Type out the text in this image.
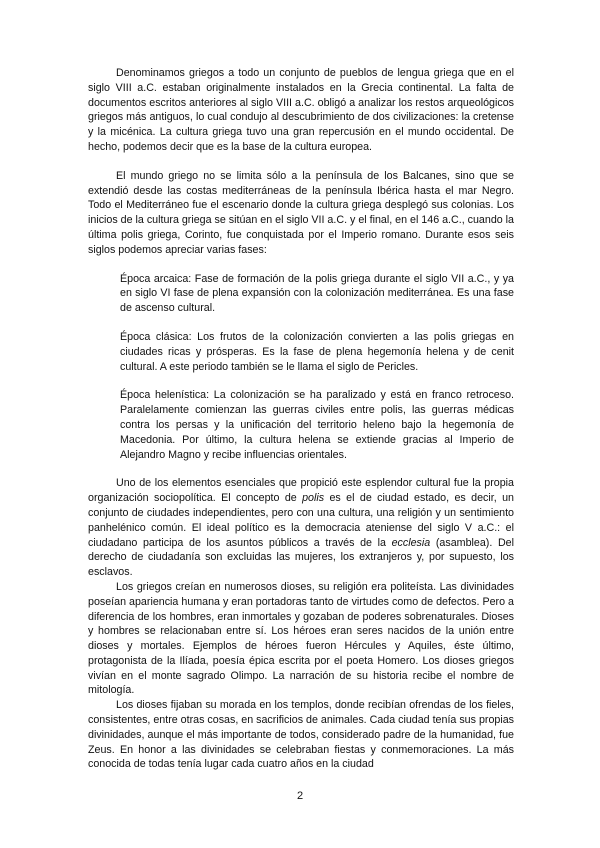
Denominamos griegos a todo un conjunto de pueblos de lengua griega que en el siglo VIII a.C. estaban originalmente instalados en la Grecia continental. La falta de documentos escritos anteriores al siglo VIII a.C. obligó a analizar los restos arqueológicos griegos más antiguos, lo cual condujo al descubrimiento de dos civilizaciones: la cretense y la micénica. La cultura griega tuvo una gran repercusión en el mundo occidental. De hecho, podemos decir que es la base de la cultura europea.

El mundo griego no se limita sólo a la península de los Balcanes, sino que se extendió desde las costas mediterráneas de la península Ibérica hasta el mar Negro. Todo el Mediterráneo fue el escenario donde la cultura griega desplegó sus colonias. Los inicios de la cultura griega se sitúan en el siglo VII a.C. y el final, en el 146 a.C., cuando la última polis griega, Corinto, fue conquistada por el Imperio romano. Durante esos seis siglos podemos apreciar varias fases:

Época arcaica: Fase de formación de la polis griega durante el siglo VII a.C., y ya en siglo VI fase de plena expansión con la colonización mediterránea. Es una fase de ascenso cultural.

Época clásica: Los frutos de la colonización convierten a las polis griegas en ciudades ricas y prósperas. Es la fase de plena hegemonía helena y de cenit cultural. A este periodo también se le llama el siglo de Pericles.

Época helenística: La colonización se ha paralizado y está en franco retroceso. Paralelamente comienzan las guerras civiles entre polis, las guerras médicas contra los persas y la unificación del territorio heleno bajo la hegemonía de Macedonia. Por último, la cultura helena se extiende gracias al Imperio de Alejandro Magno y recibe influencias orientales.

Uno de los elementos esenciales que propició este esplendor cultural fue la propia organización sociopolítica. El concepto de polis es el de ciudad estado, es decir, un conjunto de ciudades independientes, pero con una cultura, una religión y un sentimiento panhelénico común. El ideal político es la democracia ateniense del siglo V a.C.: el ciudadano participa de los asuntos públicos a través de la ecclesia (asamblea). Del derecho de ciudadanía son excluidas las mujeres, los extranjeros y, por supuesto, los esclavos.

Los griegos creían en numerosos dioses, su religión era politeísta. Las divinidades poseían apariencia humana y eran portadoras tanto de virtudes como de defectos. Pero a diferencia de los hombres, eran inmortales y gozaban de poderes sobrenaturales. Dioses y hombres se relacionaban entre sí. Los héroes eran seres nacidos de la unión entre dioses y mortales. Ejemplos de héroes fueron Hércules y Aquiles, éste último, protagonista de la Ilíada, poesía épica escrita por el poeta Homero. Los dioses griegos vivían en el monte sagrado Olimpo. La narración de su historia recibe el nombre de mitología.

Los dioses fijaban su morada en los templos, donde recibían ofrendas de los fieles, consistentes, entre otras cosas, en sacrificios de animales. Cada ciudad tenía sus propias divinidades, aunque el más importante de todos, considerado padre de la humanidad, fue Zeus. En honor a las divinidades se celebraban fiestas y conmemoraciones. La más conocida de todas tenía lugar cada cuatro años en la ciudad

2
